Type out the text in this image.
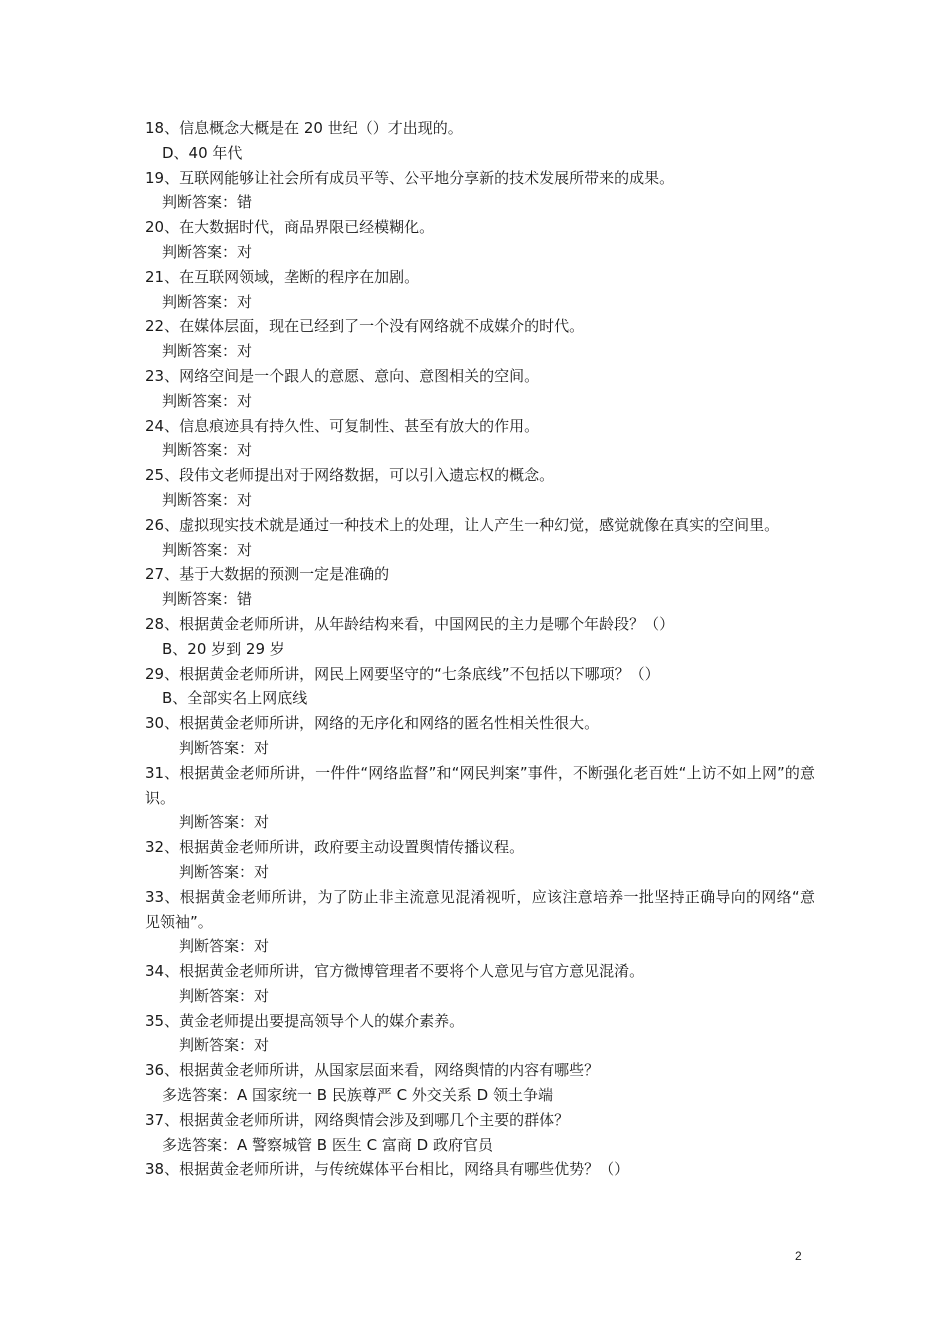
18、信息概念大概是在 20 世纪（）才出现的。
D、40 年代
19、互联网能够让社会所有成员平等、公平地分享新的技术发展所带来的成果。
判断答案：错
20、在大数据时代，商品界限已经模糊化。
判断答案：对
21、在互联网领域，垄断的程序在加剧。
判断答案：对
22、在媒体层面，现在已经到了一个没有网络就不成媒介的时代。
判断答案：对
23、网络空间是一个跟人的意愿、意向、意图相关的空间。
判断答案：对
24、信息痕迹具有持久性、可复制性、甚至有放大的作用。
判断答案：对
25、段伟文老师提出对于网络数据，可以引入遗忘权的概念。
判断答案：对
26、虚拟现实技术就是通过一种技术上的处理，让人产生一种幻觉，感觉就像在真实的空间里。
判断答案：对
27、基于大数据的预测一定是准确的
判断答案：错
28、根据黄金老师所讲，从年龄结构来看，中国网民的主力是哪个年龄段？（）
B、20 岁到 29 岁
29、根据黄金老师所讲，网民上网要坚守的“七条底线”不包括以下哪项？（）
B、全部实名上网底线
30、根据黄金老师所讲，网络的无序化和网络的匿名性相关性很大。
判断答案：对
31、根据黄金老师所讲，一件件“网络监督”和“网民判案”事件，不断强化老百姓“上访不如上网”的意识。
判断答案：对
32、根据黄金老师所讲，政府要主动设置舆情传播议程。
判断答案：对
33、根据黄金老师所讲，为了防止非主流意见混淆视听，应该注意培养一批坚持正确导向的网络“意见领袖”。
判断答案：对
34、根据黄金老师所讲，官方微博管理者不要将个人意见与官方意见混淆。
判断答案：对
35、黄金老师提出要提高领导个人的媒介素养。
判断答案：对
36、根据黄金老师所讲，从国家层面来看，网络舆情的内容有哪些？
多选答案：A 国家统一 B 民族尊严 C 外交关系 D 领土争端
37、根据黄金老师所讲，网络舆情会涉及到哪几个主要的群体？
多选答案：A 警察城管 B 医生 C 富商 D 政府官员
38、根据黄金老师所讲，与传统媒体平台相比，网络具有哪些优势？（）
2
